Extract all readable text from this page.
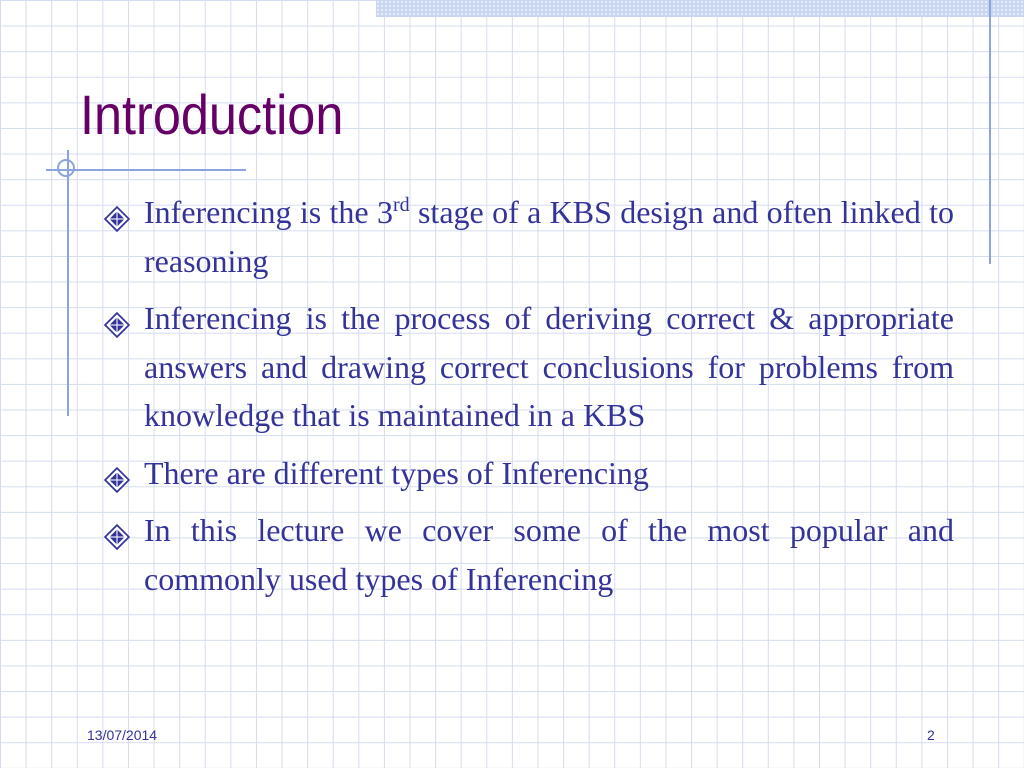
Introduction
Inferencing is the 3rd stage of a KBS design and often linked to reasoning
Inferencing is the process of deriving correct & appropriate answers and drawing correct conclusions for problems from knowledge that is maintained in a KBS
There are different types of Inferencing
In this lecture we cover some of the most popular and commonly used types of Inferencing
13/07/2014	2
